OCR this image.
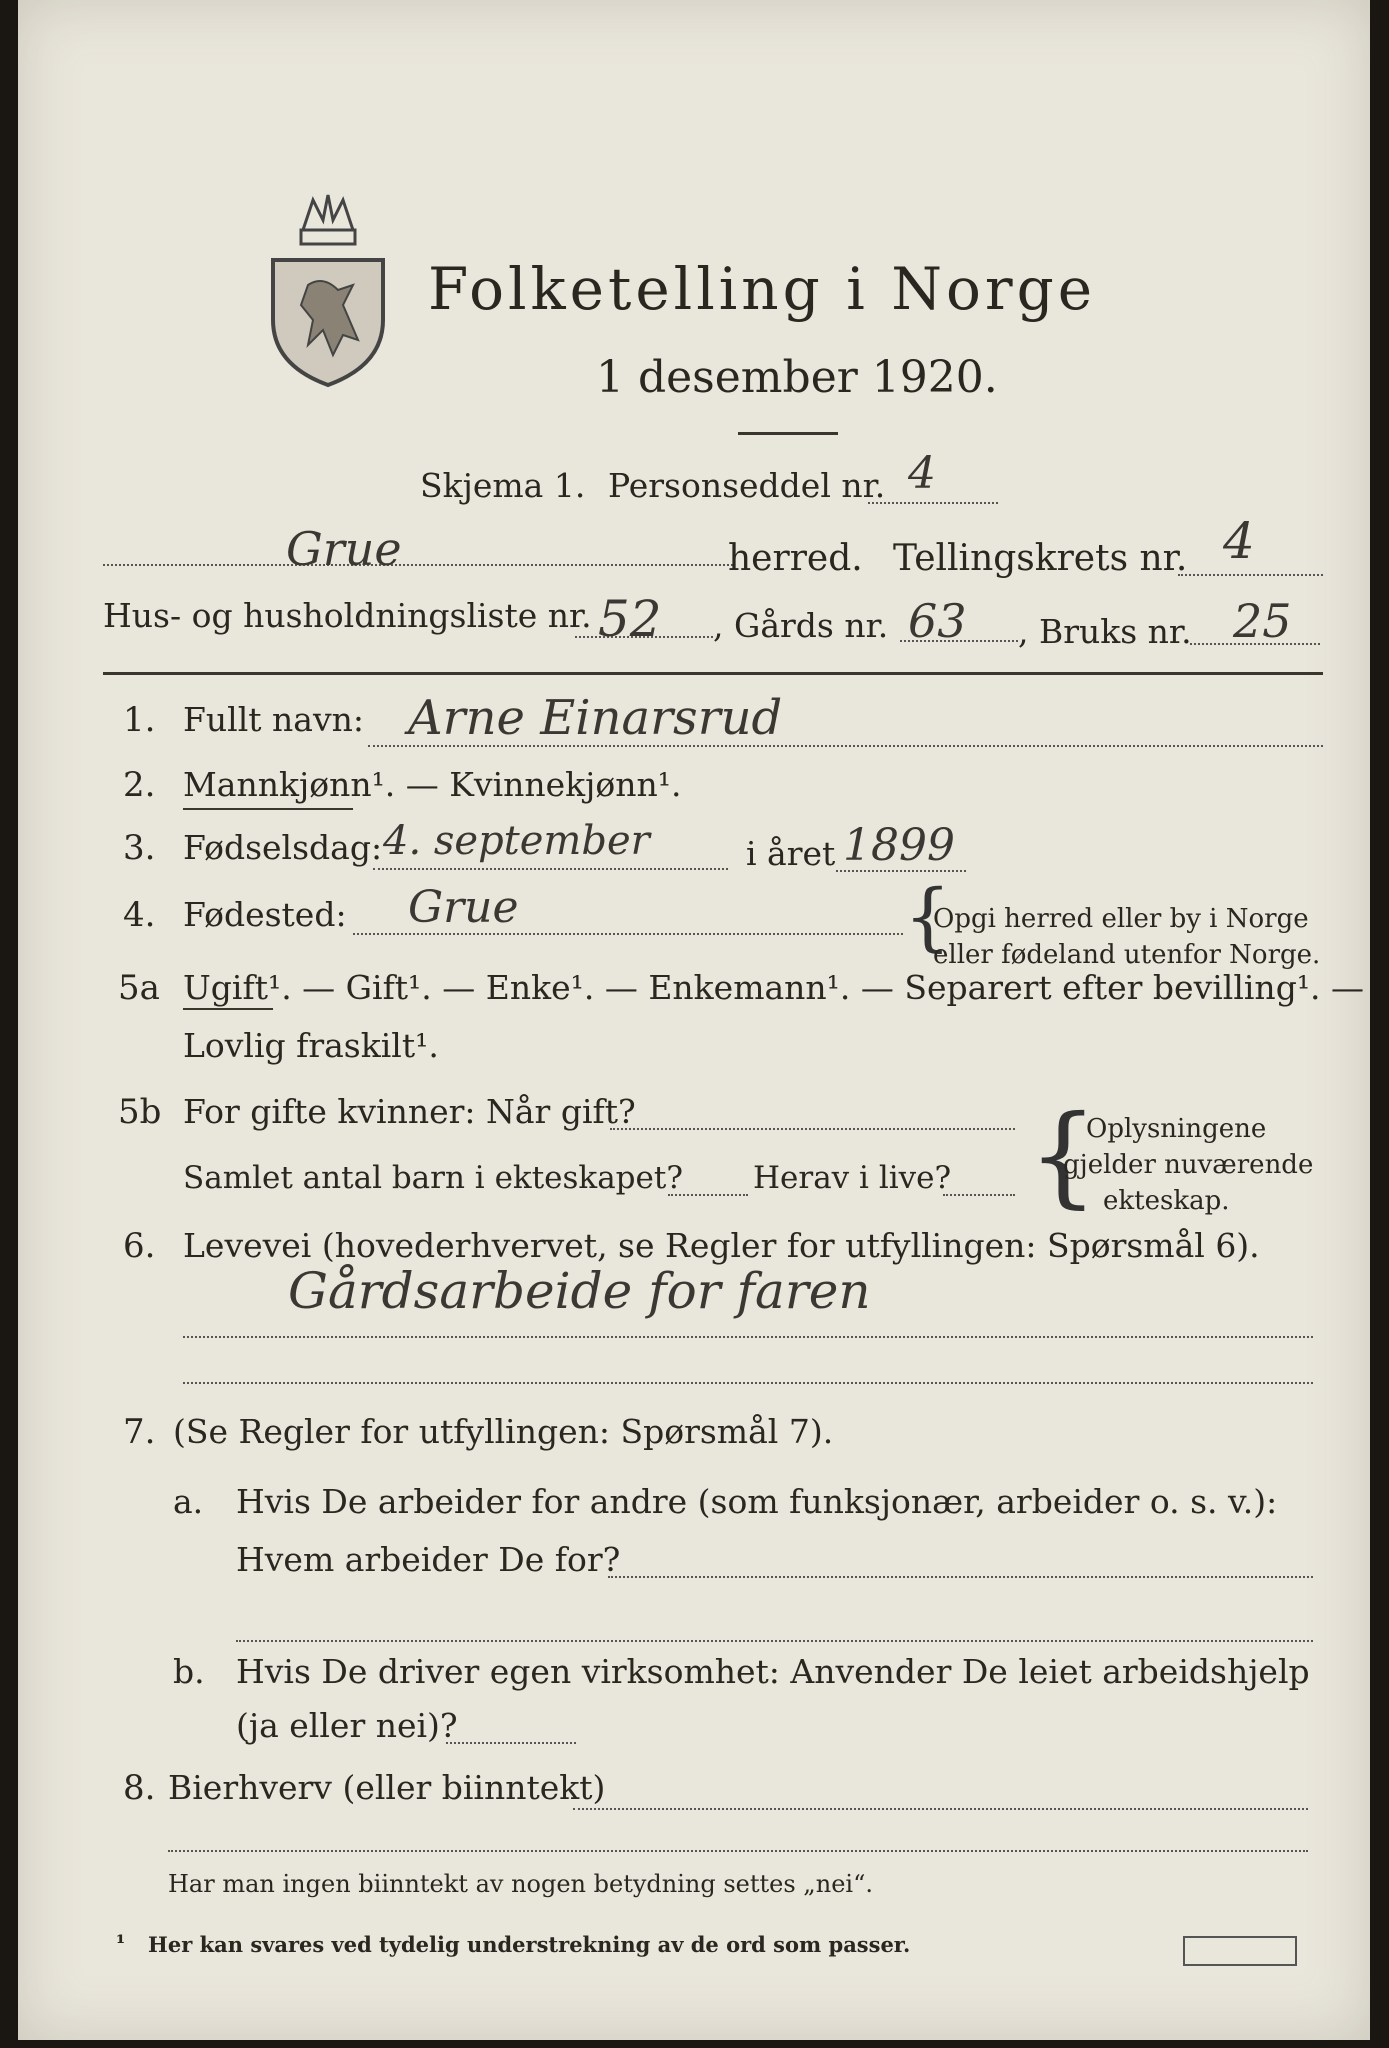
Folketelling i Norge
1 desember 1920.
Skjema 1. Personseddel nr. 4
Grue	herred. Tellingskrets nr. 4
Hus- og husholdningsliste nr. 52 , Gårds nr. 63 , Bruks nr. 25
1. Fullt navn: Arne Einarsrud
2. Mannkjønn¹. — Kvinnekjønn¹.
3. Fødselsdag: 4. september	i året 1899
4. Fødested: Grue	{
Opgi herred eller by i Norge
eller fødeland utenfor Norge.
5a Ugift¹. — Gift¹. — Enke¹. — Enkemann¹. — Separert efter bevilling¹. —
Lovlig fraskilt¹.
5b For gifte kvinner: Når gift?
Samlet antal barn i ekteskapet? Herav i live? {
Oplysningene
gjelder nuværende
ekteskap.
6. Levevei (hovederhvervet, se Regler for utfyllingen: Spørsmål 6).
Gårdsarbeide for faren
7. (Se Regler for utfyllingen: Spørsmål 7).
a. Hvis De arbeider for andre (som funksjonær, arbeider o. s. v.):
Hvem arbeider De for?
b. Hvis De driver egen virksomhet: Anvender De leiet arbeidshjelp
(ja eller nei)?
8. Bierhverv (eller biinntekt)
Har man ingen biinntekt av nogen betydning settes „nei“.
¹ Her kan svares ved tydelig understrekning av de ord som passer.
